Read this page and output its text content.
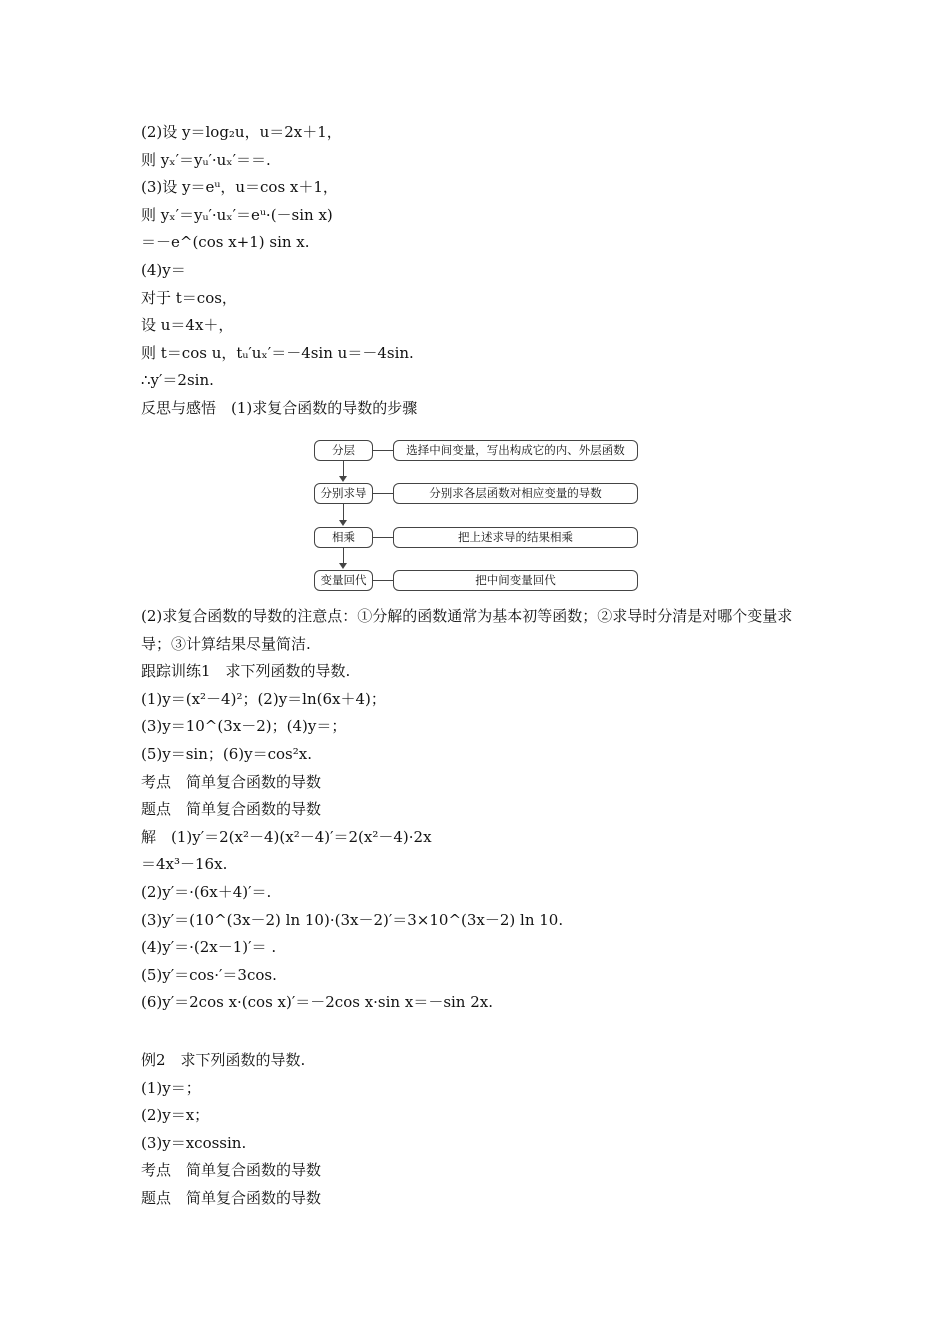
(2)设 y＝log₂u，u＝2x＋1，
则 yₓ′＝yᵤ′·uₓ′＝＝.
(3)设 y＝eᵘ，u＝cos x＋1，
则 yₓ′＝yᵤ′·uₓ′＝eᵘ·(－sin x)
＝－e^(cos x+1) sin x.
(4)y＝
对于 t＝cos，
设 u＝4x＋，
则 t＝cos u，tᵤ′uₓ′＝－4sin u＝－4sin.
∴y′＝2sin.
反思与感悟　(1)求复合函数的导数的步骤
分层	选择中间变量，写出构成它的内、外层函数
分别求导	分别求各层函数对相应变量的导数
相乘	把上述求导的结果相乘
变量回代	把中间变量回代
(2)求复合函数的导数的注意点：①分解的函数通常为基本初等函数；②求导时分清是对哪个变量求导；③计算结果尽量简洁.
跟踪训练1　求下列函数的导数.
(1)y＝(x²－4)²；(2)y＝ln(6x＋4)；
(3)y＝10^(3x－2)；(4)y＝；
(5)y＝sin；(6)y＝cos²x.
考点　简单复合函数的导数
题点　简单复合函数的导数
解　(1)y′＝2(x²－4)(x²－4)′＝2(x²－4)·2x
＝4x³－16x.
(2)y′＝·(6x＋4)′＝.
(3)y′＝(10^(3x－2) ln 10)·(3x－2)′＝3×10^(3x－2) ln 10.
(4)y′＝·(2x－1)′＝ .
(5)y′＝cos·′＝3cos.
(6)y′＝2cos x·(cos x)′＝－2cos x·sin x＝－sin 2x.
例2　求下列函数的导数.
(1)y＝；
(2)y＝x；
(3)y＝xcossin.
考点　简单复合函数的导数
题点　简单复合函数的导数
